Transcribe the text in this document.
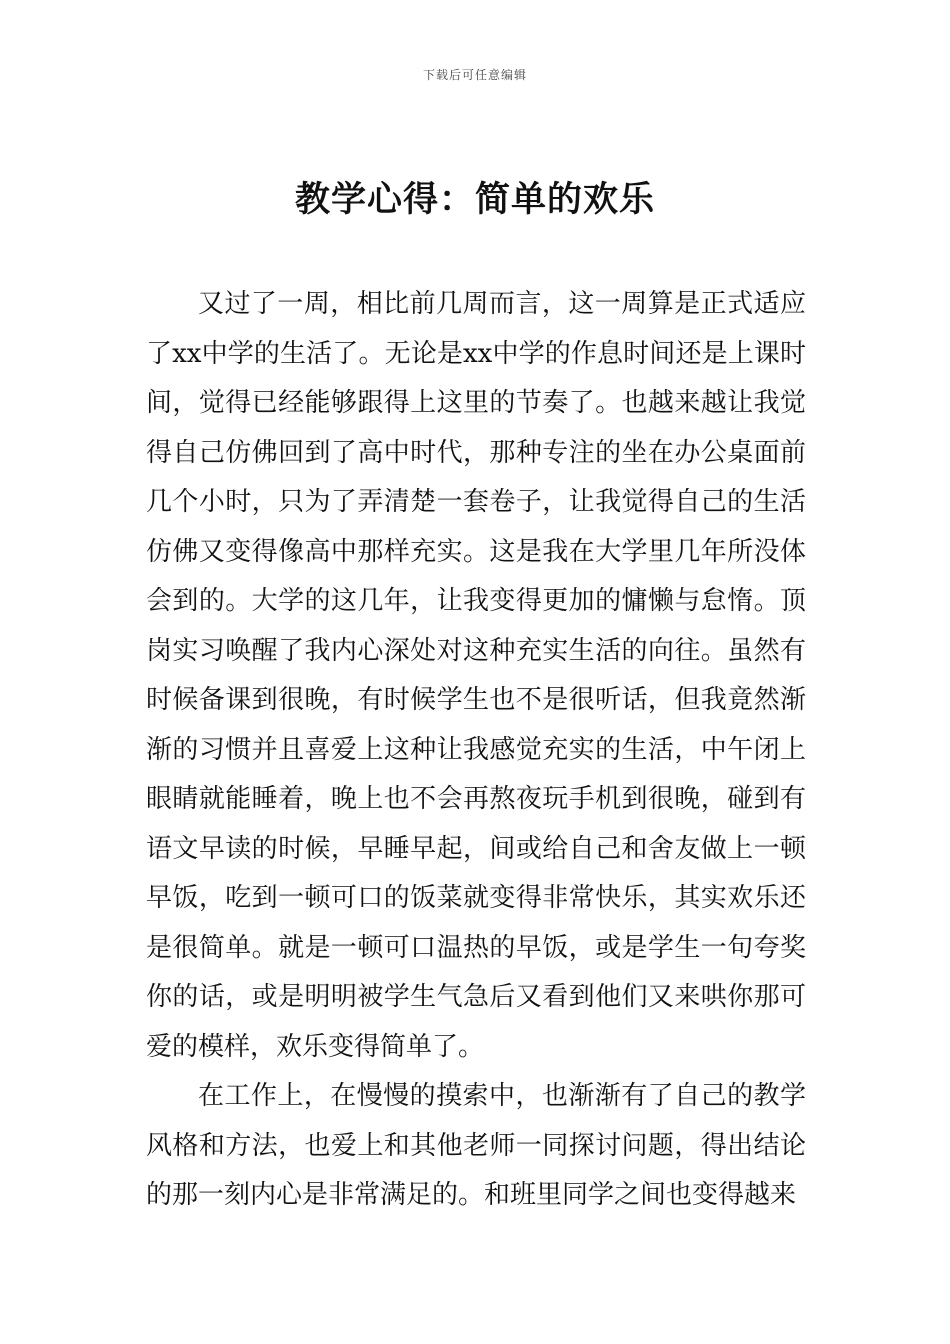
下载后可任意编辑
教学心得：简单的欢乐

又过了一周，相比前几周而言，这一周算是正式适应了xx中学的生活了。无论是xx中学的作息时间还是上课时间，觉得已经能够跟得上这里的节奏了。也越来越让我觉得自己仿佛回到了高中时代，那种专注的坐在办公桌面前几个小时，只为了弄清楚一套卷子，让我觉得自己的生活仿佛又变得像高中那样充实。这是我在大学里几年所没体会到的。大学的这几年，让我变得更加的慵懒与怠惰。顶岗实习唤醒了我内心深处对这种充实生活的向往。虽然有时候备课到很晚，有时候学生也不是很听话，但我竟然渐渐的习惯并且喜爱上这种让我感觉充实的生活，中午闭上眼睛就能睡着，晚上也不会再熬夜玩手机到很晚，碰到有语文早读的时候，早睡早起，间或给自己和舍友做上一顿早饭，吃到一顿可口的饭菜就变得非常快乐，其实欢乐还是很简单。就是一顿可口温热的早饭，或是学生一句夸奖你的话，或是明明被学生气急后又看到他们又来哄你那可爱的模样，欢乐变得简单了。

在工作上，在慢慢的摸索中，也渐渐有了自己的教学风格和方法，也爱上和其他老师一同探讨问题，得出结论的那一刻内心是非常满足的。和班里同学之间也变得越来
